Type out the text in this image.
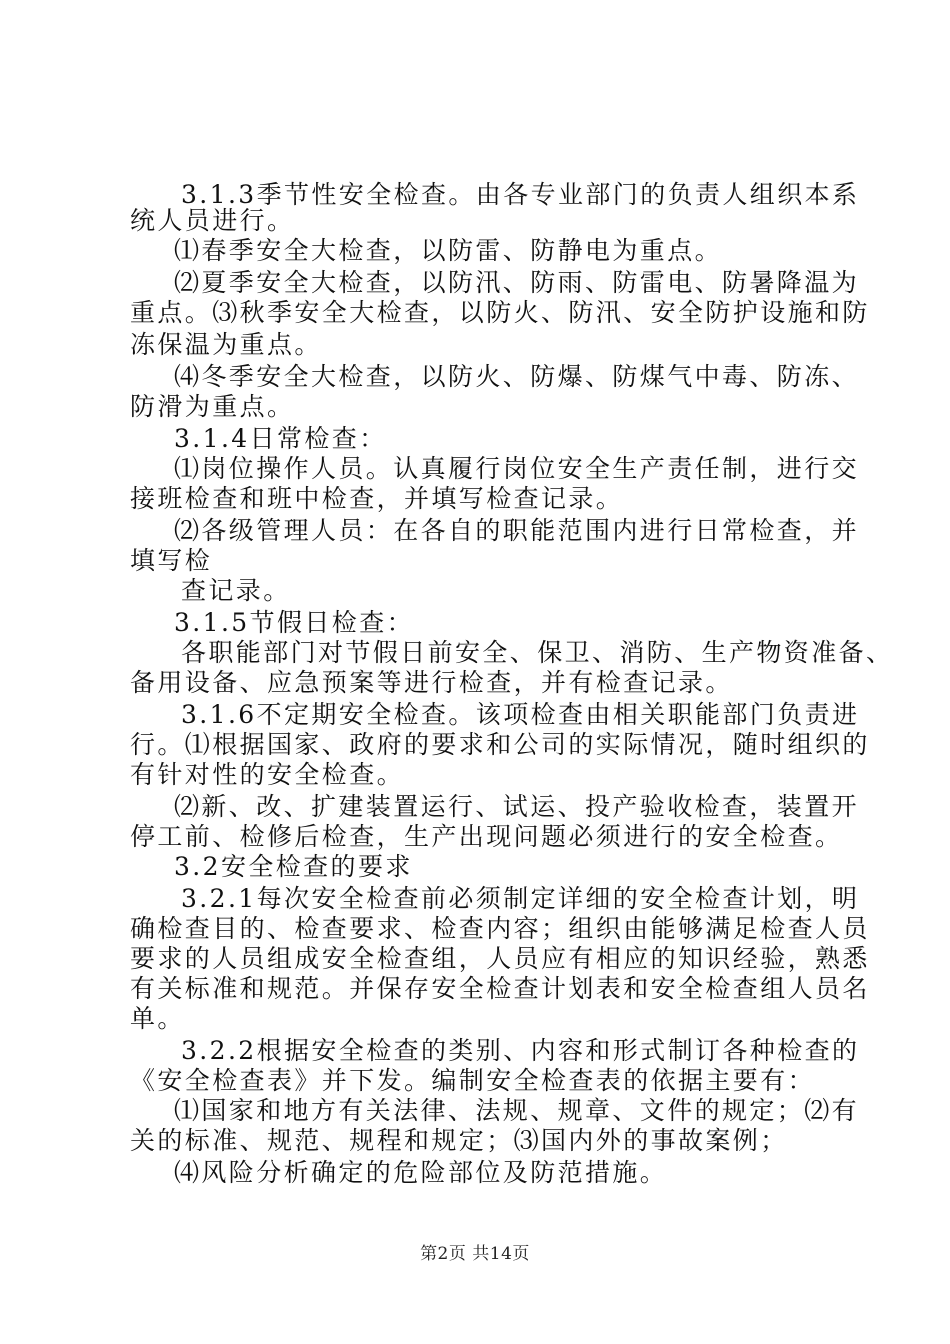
3.1.3季节性安全检查。由各专业部门的负责人组织本系
统人员进行。
⑴春季安全大检查，以防雷、防静电为重点。
⑵夏季安全大检查，以防汛、防雨、防雷电、防暑降温为
重点。⑶秋季安全大检查，以防火、防汛、安全防护设施和防
冻保温为重点。
⑷冬季安全大检查，以防火、防爆、防煤气中毒、防冻、
防滑为重点。
3.1.4日常检查：
⑴岗位操作人员。认真履行岗位安全生产责任制，进行交
接班检查和班中检查，并填写检查记录。
⑵各级管理人员：在各自的职能范围内进行日常检查，并
填写检
查记录。
3.1.5节假日检查：
各职能部门对节假日前安全、保卫、消防、生产物资准备、
备用设备、应急预案等进行检查，并有检查记录。
3.1.6不定期安全检查。该项检查由相关职能部门负责进
行。⑴根据国家、政府的要求和公司的实际情况，随时组织的
有针对性的安全检查。
⑵新、改、扩建装置运行、试运、投产验收检查，装置开
停工前、检修后检查，生产出现问题必须进行的安全检查。
3.2安全检查的要求
3.2.1每次安全检查前必须制定详细的安全检查计划，明
确检查目的、检查要求、检查内容；组织由能够满足检查人员
要求的人员组成安全检查组，人员应有相应的知识经验，熟悉
有关标准和规范。并保存安全检查计划表和安全检查组人员名
单。
3.2.2根据安全检查的类别、内容和形式制订各种检查的
《安全检查表》并下发。编制安全检查表的依据主要有：
⑴国家和地方有关法律、法规、规章、文件的规定；⑵有
关的标准、规范、规程和规定；⑶国内外的事故案例；
⑷风险分析确定的危险部位及防范措施。
第2页 共14页
